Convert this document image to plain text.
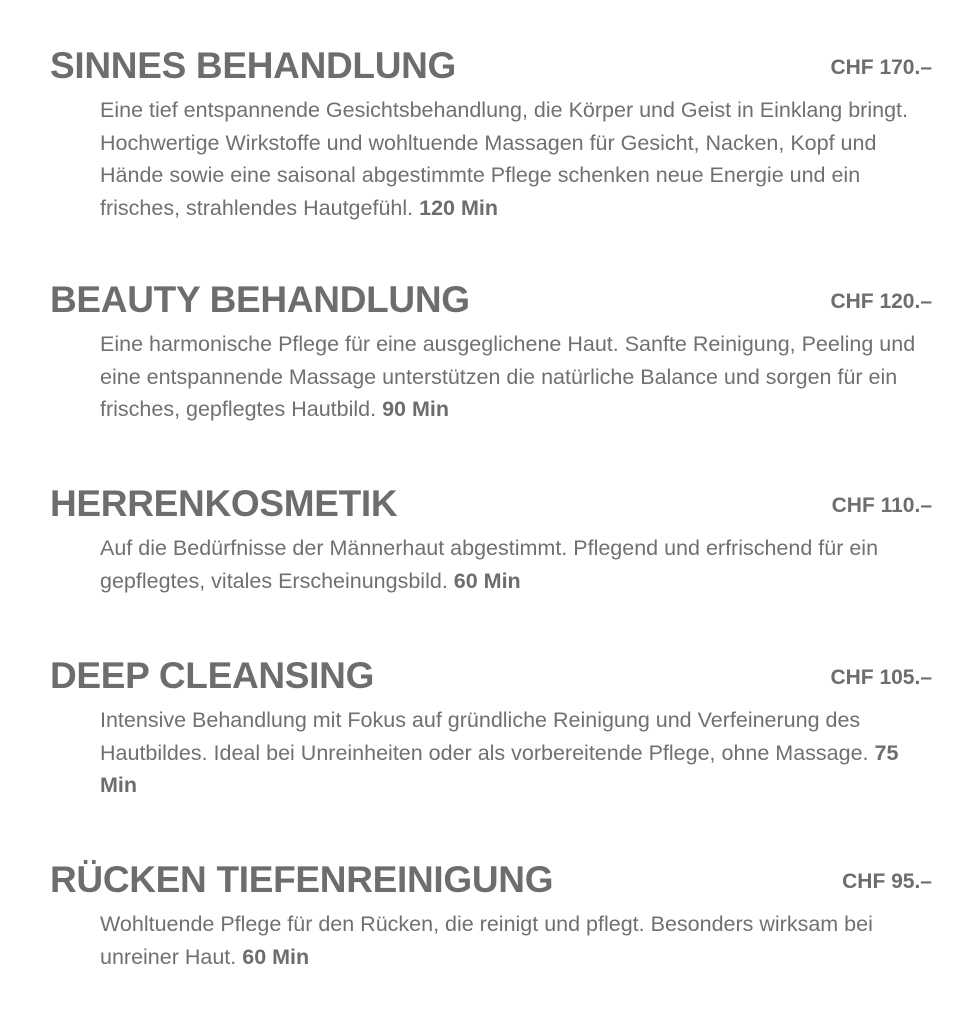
SINNES BEHANDLUNG	CHF 170.–
Eine tief entspannende Gesichtsbehandlung, die Körper und Geist in Einklang bringt. Hochwertige Wirkstoffe und wohltuende Massagen für Gesicht, Nacken, Kopf und Hände sowie eine saisonal abgestimmte Pflege schenken neue Energie und ein frisches, strahlendes Hautgefühl. 120 Min
BEAUTY BEHANDLUNG	CHF 120.–
Eine harmonische Pflege für eine ausgeglichene Haut. Sanfte Reinigung, Peeling und eine entspannende Massage unterstützen die natürliche Balance und sorgen für ein frisches, gepflegtes Hautbild. 90 Min
HERRENKOSMETIK	CHF 110.–
Auf die Bedürfnisse der Männerhaut abgestimmt. Pflegend und erfrischend für ein gepflegtes, vitales Erscheinungsbild. 60 Min
DEEP CLEANSING	CHF 105.–
Intensive Behandlung mit Fokus auf gründliche Reinigung und Verfeinerung des Hautbildes. Ideal bei Unreinheiten oder als vorbereitende Pflege, ohne Massage. 75 Min
RÜCKEN TIEFENREINIGUNG	CHF 95.–
Wohltuende Pflege für den Rücken, die reinigt und pflegt. Besonders wirksam bei unreiner Haut. 60 Min
